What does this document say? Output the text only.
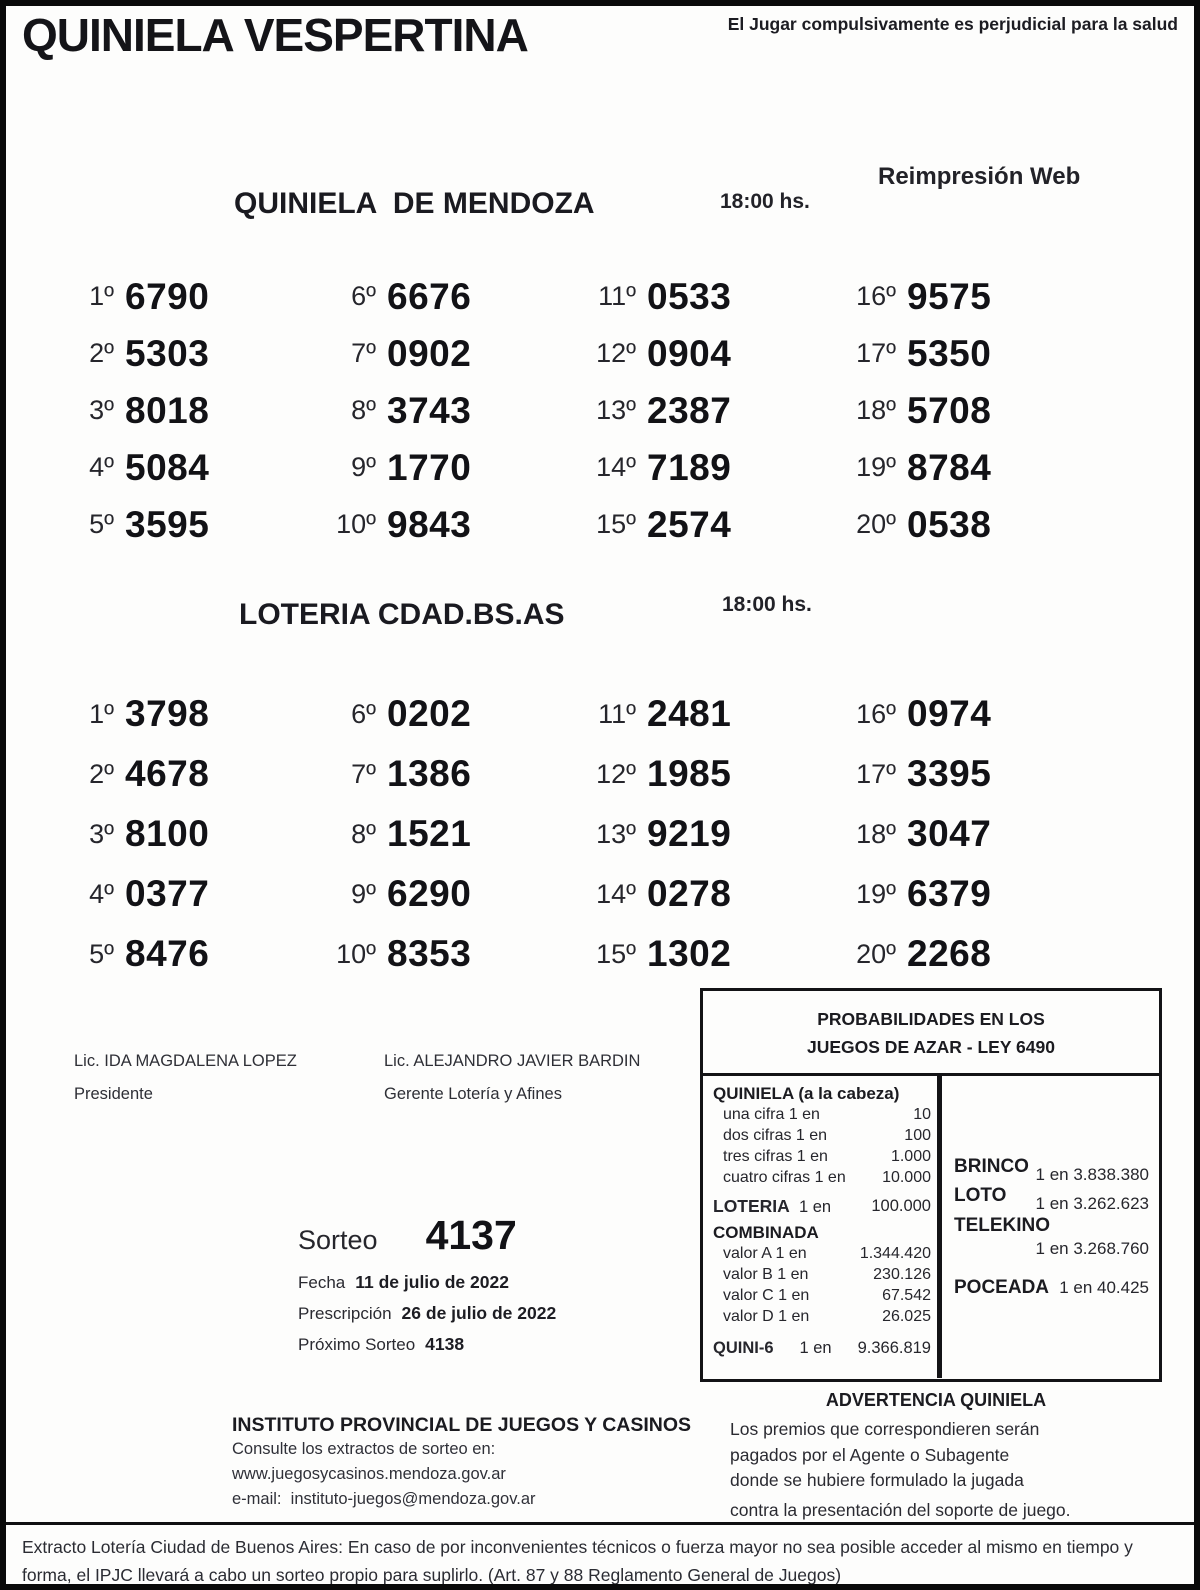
QUINIELA VESPERTINA	El Jugar compulsivamente es perjudicial para la salud
QUINIELA  DE MENDOZA	18:00 hs.
Reimpresión Web
1º 6790
2º 5303
3º 8018
4º 5084
5º 3595
6º 6676
7º 0902
8º 3743
9º 1770
10º 9843
11º 0533
12º 0904
13º 2387
14º 7189
15º 2574
16º 9575
17º 5350
18º 5708
19º 8784
20º 0538
LOTERIA CDAD.BS.AS	18:00 hs.
1º 3798
2º 4678
3º 8100
4º 0377
5º 8476
6º 0202
7º 1386
8º 1521
9º 6290
10º 8353
11º 2481
12º 1985
13º 9219
14º 0278
15º 1302
16º 0974
17º 3395
18º 3047
19º 6379
20º 2268
Lic. IDA MAGDALENA LOPEZ
Presidente
Lic. ALEJANDRO JAVIER BARDIN
Gerente Lotería y Afines
PROBABILIDADES EN LOS
JUEGOS DE AZAR - LEY 6490
QUINIELA (a la cabeza)
una cifra 1 en	10
dos cifras 1 en	100
tres cifras 1 en	1.000
cuatro cifras 1 en 10.000
LOTERIA 1 en 100.000
COMBINADA
valor A 1 en	1.344.420
valor B 1 en	230.126
valor C 1 en	67.542
valor D 1 en	26.025
QUINI-6 1 en 9.366.819
BRINCO 1 en 3.838.380
LOTO 1 en 3.262.623
TELEKINO
1 en 3.268.760
POCEADA 1 en 40.425
Sorteo 4137
Fecha 11 de julio de 2022
Prescripción 26 de julio de 2022
Próximo Sorteo 4138
INSTITUTO PROVINCIAL DE JUEGOS Y CASINOS
Consulte los extractos de sorteo en:
www.juegosycasinos.mendoza.gov.ar
e-mail:  instituto-juegos@mendoza.gov.ar
ADVERTENCIA QUINIELA
Los premios que correspondieren serán
pagados por el Agente o Subagente
donde se hubiere formulado la jugada
contra la presentación del soporte de juego.
Extracto Lotería Ciudad de Buenos Aires: En caso de por inconvenientes técnicos o fuerza mayor no sea posible acceder al mismo en tiempo y forma, el IPJC llevará a cabo un sorteo propio para suplirlo. (Art. 87 y 88 Reglamento General de Juegos)
